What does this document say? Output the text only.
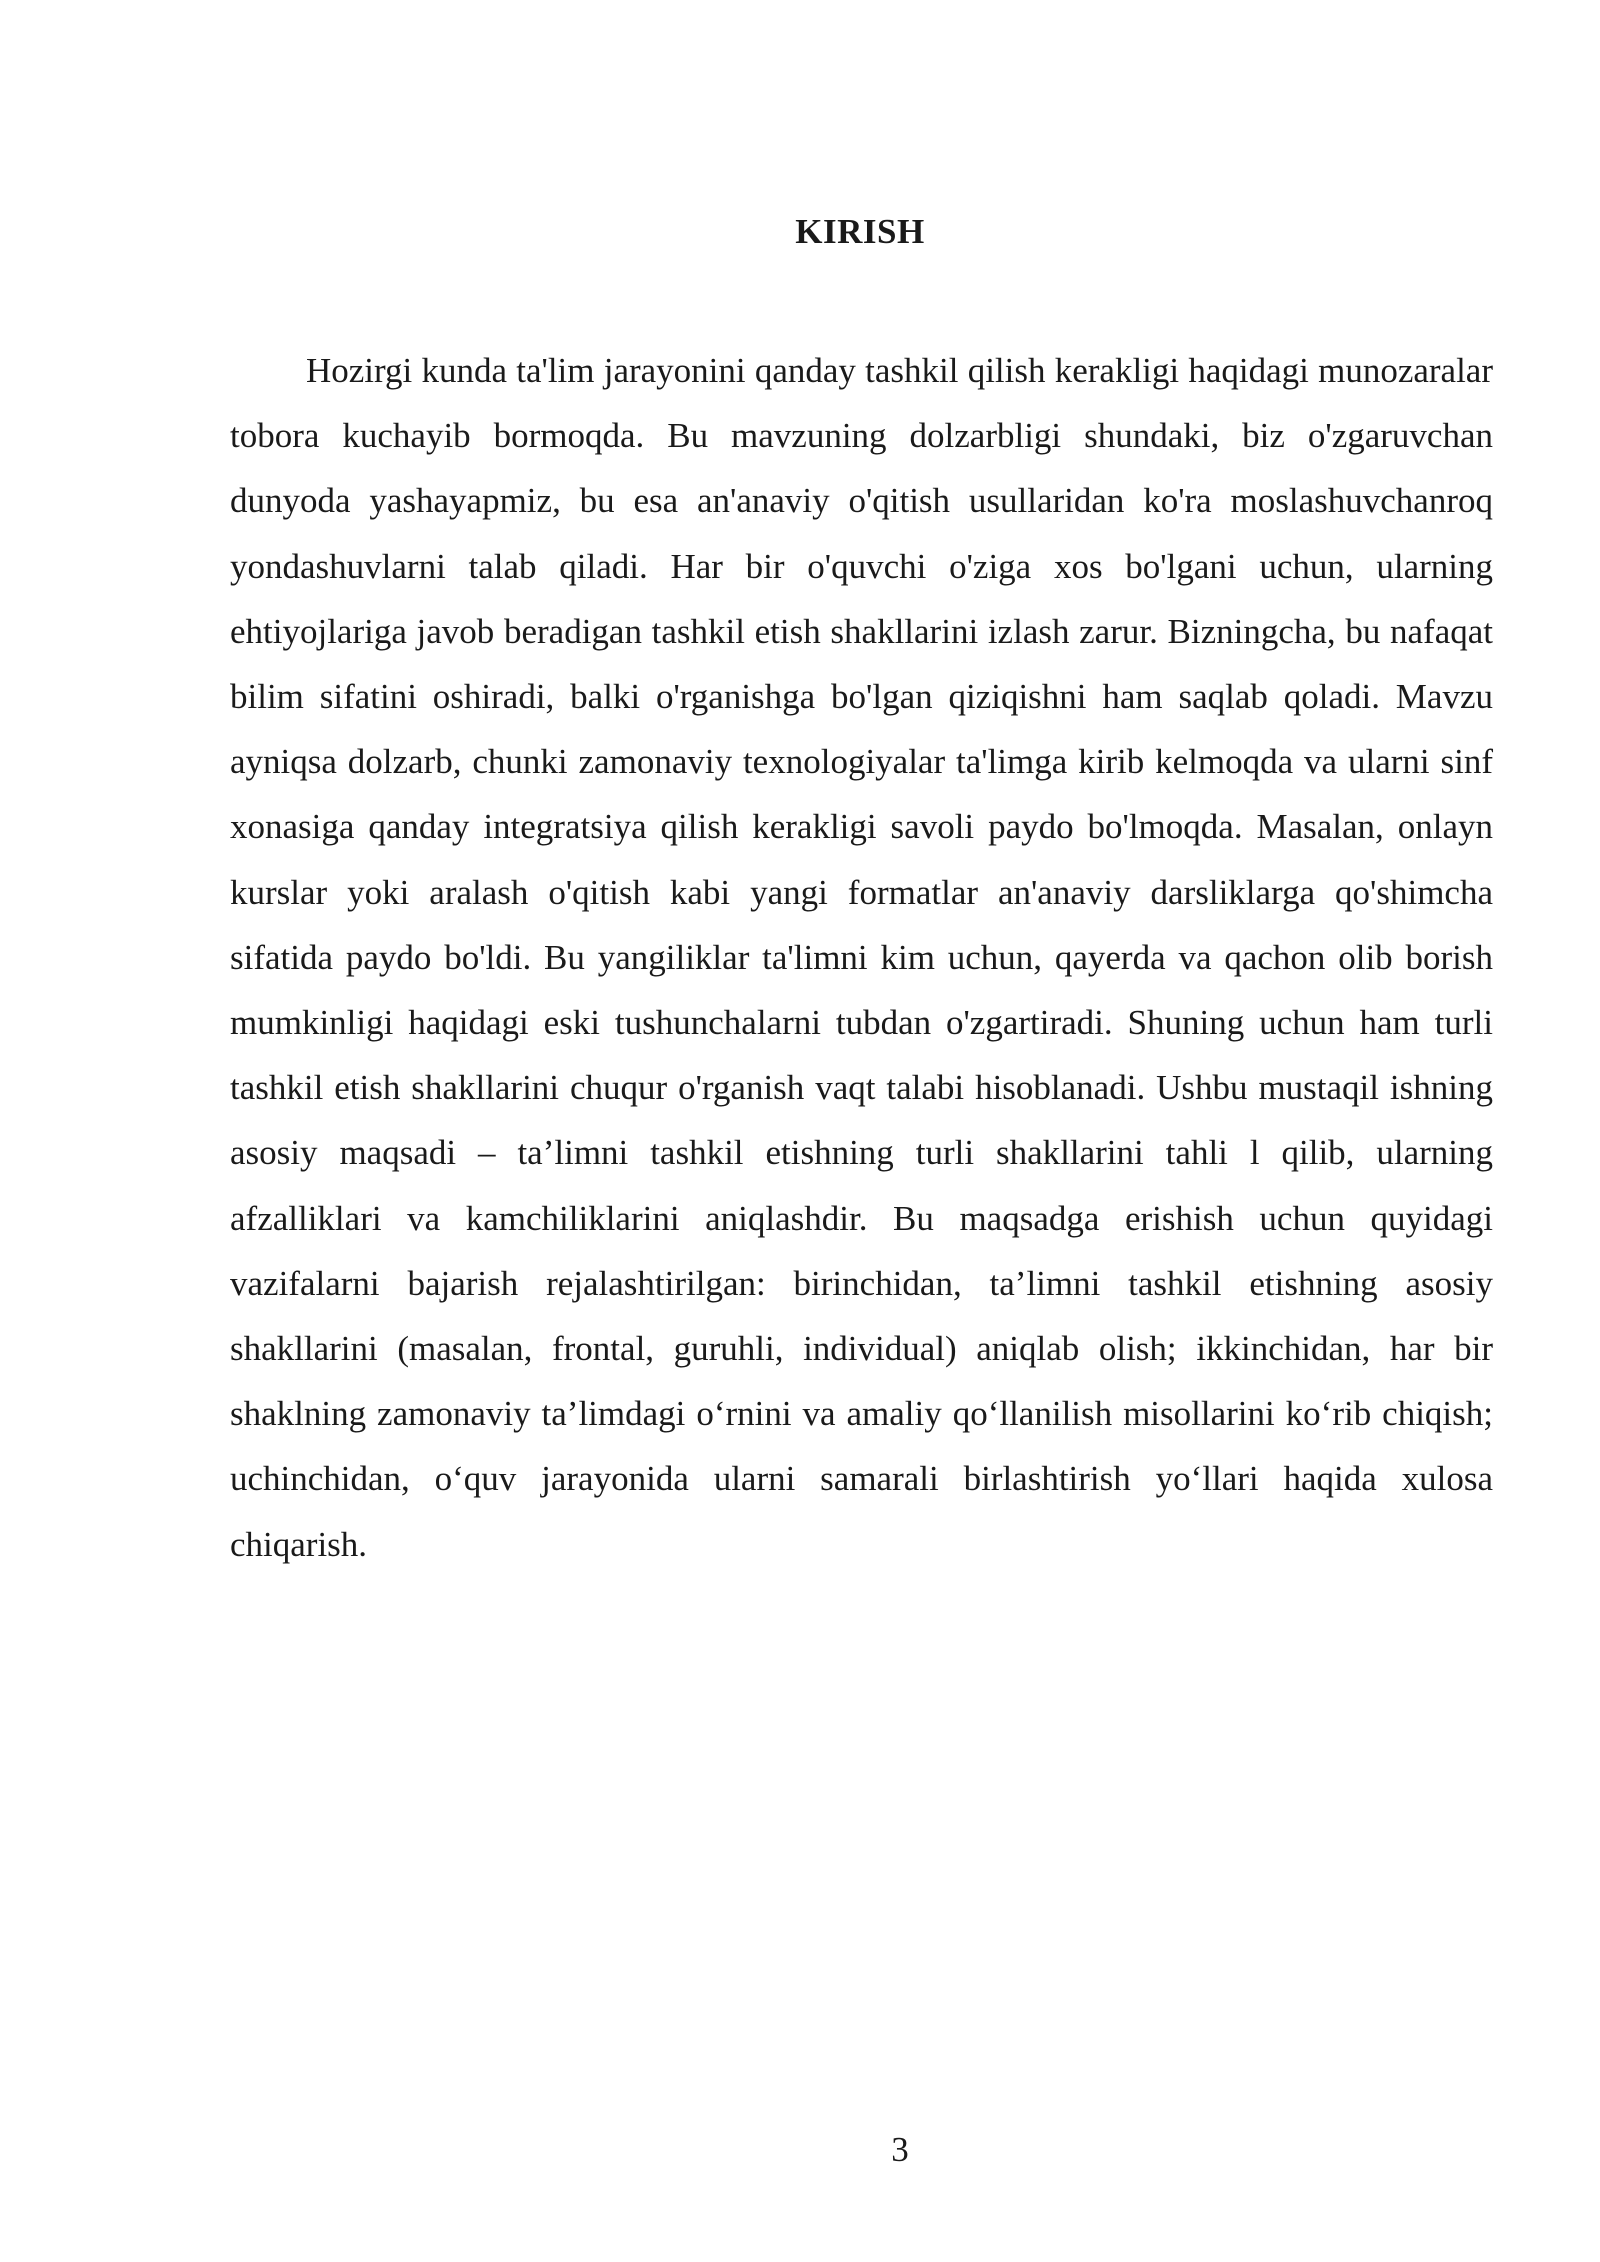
KIRISH

Hozirgi kunda ta'lim jarayonini qanday tashkil qilish kerakligi haqidagi munozaralar tobora kuchayib bormoqda. Bu mavzuning dolzarbligi shundaki, biz o'zgaruvchan dunyoda yashayapmiz, bu esa an'anaviy o'qitish usullaridan ko'ra moslashuvchanroq yondashuvlarni talab qiladi. Har bir o'quvchi o'ziga xos bo'lgani uchun, ularning ehtiyojlariga javob beradigan tashkil etish shakllarini izlash zarur. Bizningcha, bu nafaqat bilim sifatini oshiradi, balki o'rganishga bo'lgan qiziqishni ham saqlab qoladi. Mavzu ayniqsa dolzarb, chunki zamonaviy texnologiyalar ta'limga kirib kelmoqda va ularni sinf xonasiga qanday integratsiya qilish kerakligi savoli paydo bo'lmoqda. Masalan, onlayn kurslar yoki aralash o'qitish kabi yangi formatlar an'anaviy darsliklarga qo'shimcha sifatida paydo bo'ldi. Bu yangiliklar ta'limni kim uchun, qayerda va qachon olib borish mumkinligi haqidagi eski tushunchalarni tubdan o'zgartiradi. Shuning uchun ham turli tashkil etish shakllarini chuqur o'rganish vaqt talabi hisoblanadi. Ushbu mustaqil ishning asosiy maqsadi – ta’limni tashkil etishning turli shakllarini tahli l qilib, ularning afzalliklari va kamchiliklarini aniqlashdir. Bu maqsadga erishish uchun quyidagi vazifalarni bajarish rejalashtirilgan: birinchidan, ta’limni tashkil etishning asosiy shakllarini (masalan, frontal, guruhli, individual) aniqlab olish; ikkinchidan, har bir shaklning zamonaviy ta’limdagi o‘rnini va amaliy qo‘llanilish misollarini ko‘rib chiqish; uchinchidan, o‘quv jarayonida ularni samarali birlashtirish yo‘llari haqida xulosa chiqarish.

3
